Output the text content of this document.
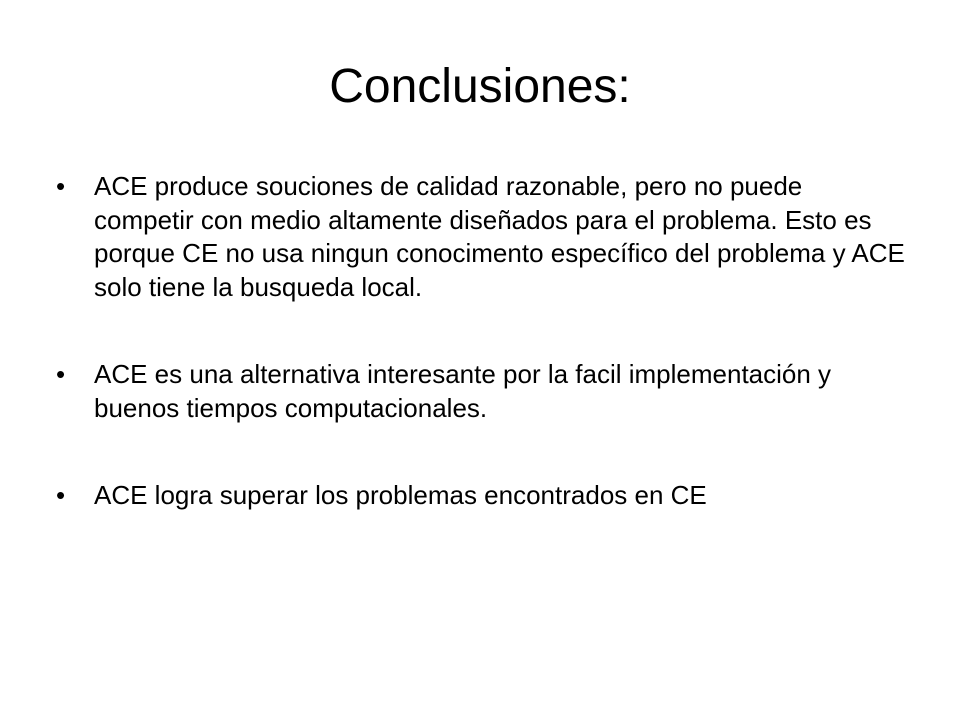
Conclusiones:
•	ACE produce souciones de calidad razonable, pero no puede competir con medio altamente diseñados para el problema. Esto es porque CE no usa ningun conocimento específico del problema y ACE solo tiene la busqueda local.
•	ACE es una alternativa interesante por la facil implementación y buenos tiempos computacionales.
•	ACE logra superar los problemas encontrados en CE
